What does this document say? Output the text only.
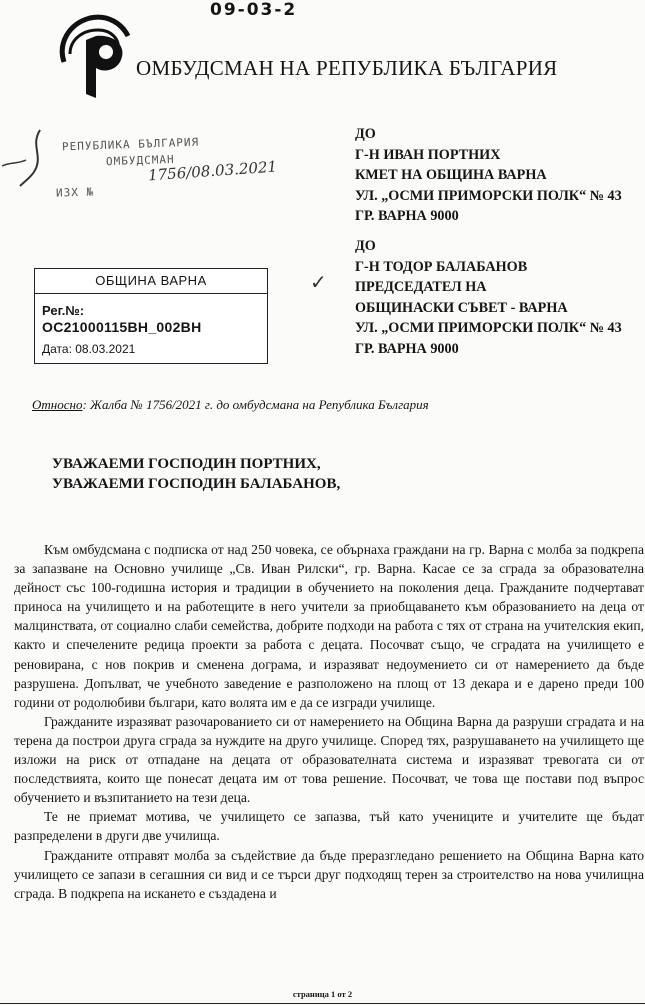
09-03-2
ОМБУДСМАН НА РЕПУБЛИКА БЪЛГАРИЯ
РЕПУБЛИКА БЪЛГАРИЯ
ОМБУДСМАН
1756/08.03.2021
ИЗХ №
ДО
Г-Н ИВАН ПОРТНИХ
КМЕТ НА ОБЩИНА ВАРНА
УЛ. „ОСМИ ПРИМОРСКИ ПОЛК“ № 43
ГР. ВАРНА 9000
✓
ДО
Г-Н ТОДОР БАЛАБАНОВ
ПРЕДСЕДАТЕЛ НА
ОБЩИНАСКИ СЪВЕТ - ВАРНА
УЛ. „ОСМИ ПРИМОРСКИ ПОЛК“ № 43
ГР. ВАРНА 9000
ОБЩИНА ВАРНА
Рег.№:
ОС21000115ВН_002ВН
Дата: 08.03.2021
Относно: Жалба № 1756/2021 г. до омбудсмана на Република България
УВАЖАЕМИ ГОСПОДИН ПОРТНИХ,
УВАЖАЕМИ ГОСПОДИН БАЛАБАНОВ,

Към омбудсмана с подписка от над 250 човека, се обърнаха граждани на гр. Варна с молба за подкрепа за запазване на Основно училище „Св. Иван Рилски“, гр. Варна. Касае се за сграда за образователна дейност със 100-годишна история и традиции в обучението на поколения деца. Гражданите подчертават приноса на училището и на работещите в него учители за приобщаването към образованието на деца от малцинствата, от социално слаби семейства, добрите подходи на работа с тях от страна на учителския екип, както и спечелените редица проекти за работа с децата. Посочват също, че сградата на училището е реновирана, с нов покрив и сменена дограма, и изразяват недоумението си от намерението да бъде разрушена. Допълват, че учебното заведение е разположено на площ от 13 декара и е дарено преди 100 години от родолюбиви българи, като волята им е да се изгради училище.

Гражданите изразяват разочарованието си от намерението на Община Варна да разруши сградата и на терена да построи друга сграда за нуждите на друго училище. Според тях, разрушаването на училището ще изложи на риск от отпадане на децата от образователната система и изразяват тревогата си от последствията, които ще понесат децата им от това решение. Посочват, че това ще постави под въпрос обучението и възпитанието на тези деца.

Те не приемат мотива, че училището се запазва, тъй като учениците и учителите ще бъдат разпределени в други две училища.

Гражданите отправят молба за съдействие да бъде преразгледано решението на Община Варна като училището се запази в сегашния си вид и се търси друг подходящ терен за строителство на нова училищна сграда. В подкрепа на искането е създадена и

страница 1 от 2
